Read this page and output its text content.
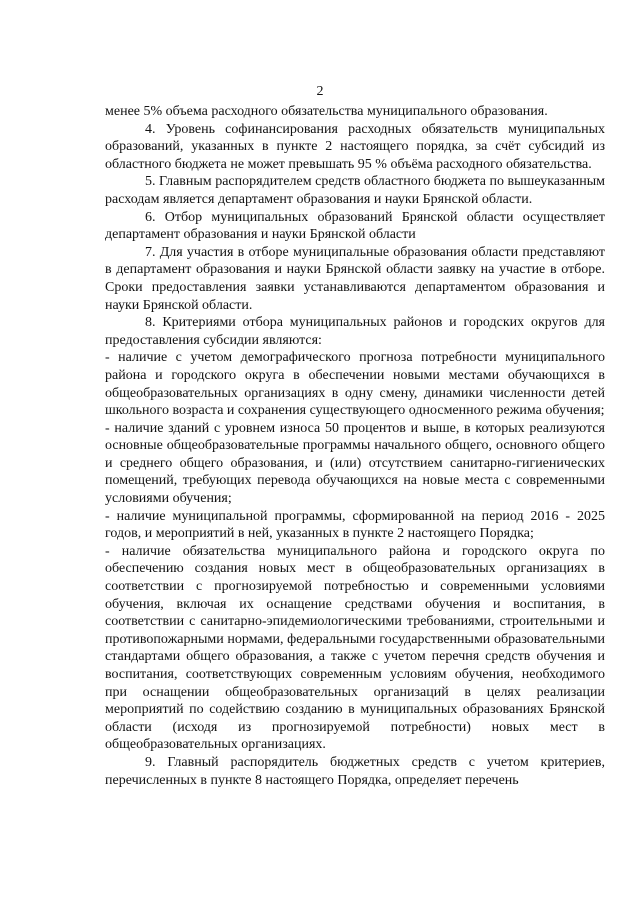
2

менее 5% объема расходного обязательства муниципального образования.

4. Уровень софинансирования расходных обязательств муниципальных образований, указанных в пункте 2 настоящего порядка, за счёт субсидий из областного бюджета не может превышать 95 % объёма расходного обязательства.

5. Главным распорядителем средств областного бюджета по вышеуказанным расходам является департамент образования и науки Брянской области.

6. Отбор муниципальных образований Брянской области осуществляет департамент образования и науки Брянской области

7. Для участия в отборе муниципальные образования области представляют в департамент образования и науки Брянской области заявку на участие в отборе. Сроки предоставления заявки устанавливаются департаментом образования и науки Брянской области.

8. Критериями отбора муниципальных районов и городских округов для предоставления субсидии являются:

- наличие с учетом демографического прогноза потребности муниципального района и городского округа в обеспечении новыми местами обучающихся в общеобразовательных организациях в одну смену, динамики численности детей школьного возраста и сохранения существующего односменного режима обучения;

- наличие зданий с уровнем износа 50 процентов и выше, в которых реализуются основные общеобразовательные программы начального общего, основного общего и среднего общего образования, и (или) отсутствием санитарно-гигиенических помещений, требующих перевода обучающихся на новые места с современными условиями обучения;

- наличие муниципальной программы, сформированной на период 2016 - 2025 годов, и мероприятий в ней, указанных в пункте 2 настоящего Порядка;

- наличие обязательства муниципального района и городского округа по обеспечению создания новых мест в общеобразовательных организациях в соответствии с прогнозируемой потребностью и современными условиями обучения, включая их оснащение средствами обучения и воспитания, в соответствии с санитарно-эпидемиологическими требованиями, строительными и противопожарными нормами, федеральными государственными образовательными стандартами общего образования, а также с учетом перечня средств обучения и воспитания, соответствующих современным условиям обучения, необходимого при оснащении общеобразовательных организаций в целях реализации мероприятий по содействию созданию в муниципальных образованиях Брянской области (исходя из прогнозируемой потребности) новых мест в общеобразовательных организациях.

9. Главный распорядитель бюджетных средств с учетом критериев, перечисленных в пункте 8 настоящего Порядка, определяет перечень
